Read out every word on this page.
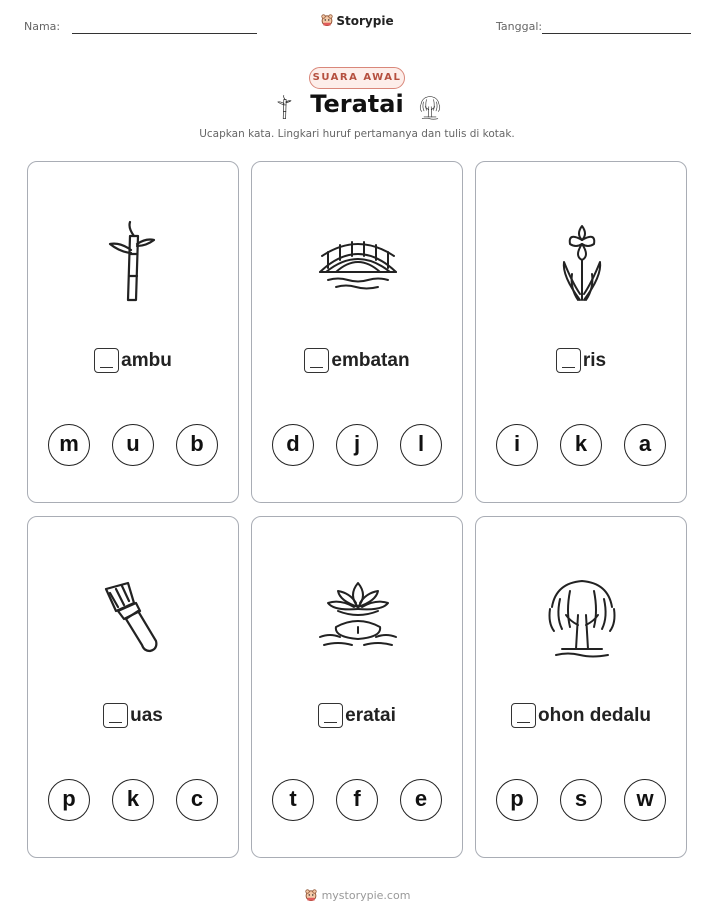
Nama:	Storypie	Tanggal:
SUARA AWAL
Teratai
Ucapkan kata. Lingkari huruf pertamanya dan tulis di kotak.
ambu
m	u	b
embatan
d	j	l
ris
i	k	a
uas
p	k	c
eratai
t	f	e
ohon dedalu
p	s	w
mystorypie.com
